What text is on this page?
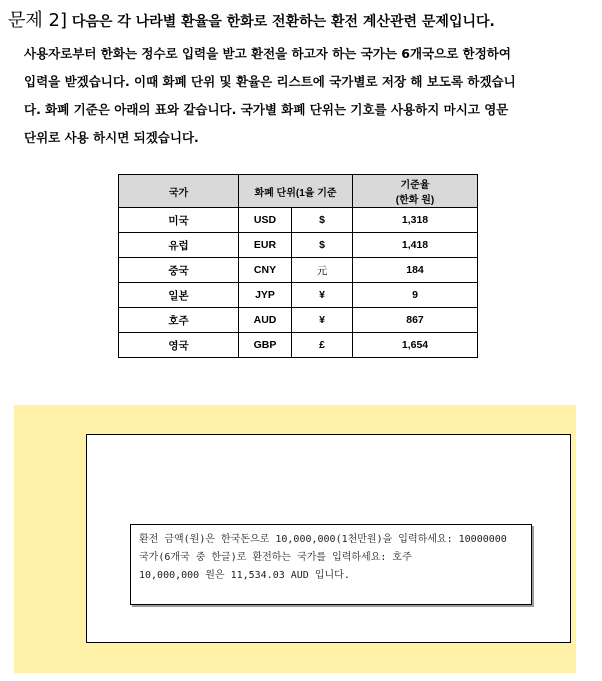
문제 2] 다음은 각 나라별 환율을 한화로 전환하는 환전 계산관련 문제입니다.
사용자로부터 한화는 정수로 입력을 받고 환전을 하고자 하는 국가는 6개국으로 한정하여
입력을 받겠습니다. 이때 화폐 단위 및 환율은 리스트에 국가별로 저장 해 보도록 하겠습니
다. 화폐 기준은 아래의 표와 같습니다. 국가별 화폐 단위는 기호를 사용하지 마시고 영문
단위로 사용 하시면 되겠습니다.
국가	화폐 단위(1을 기준		기준율
(한화 원)

미국	USD	$	1,318
유럽	EUR	$	1,418
중국	CNY	元	184
일본	JYP	¥	9
호주	AUD	¥	867
영국	GBP	£	1,654
환전 금액(원)은 한국돈으로 10,000,000(1천만원)을 입력하세요: 10000000
국가(6개국 중 한글)로 환전하는 국가를 입력하세요: 호주
10,000,000 원은 11,534.03 AUD 입니다.
